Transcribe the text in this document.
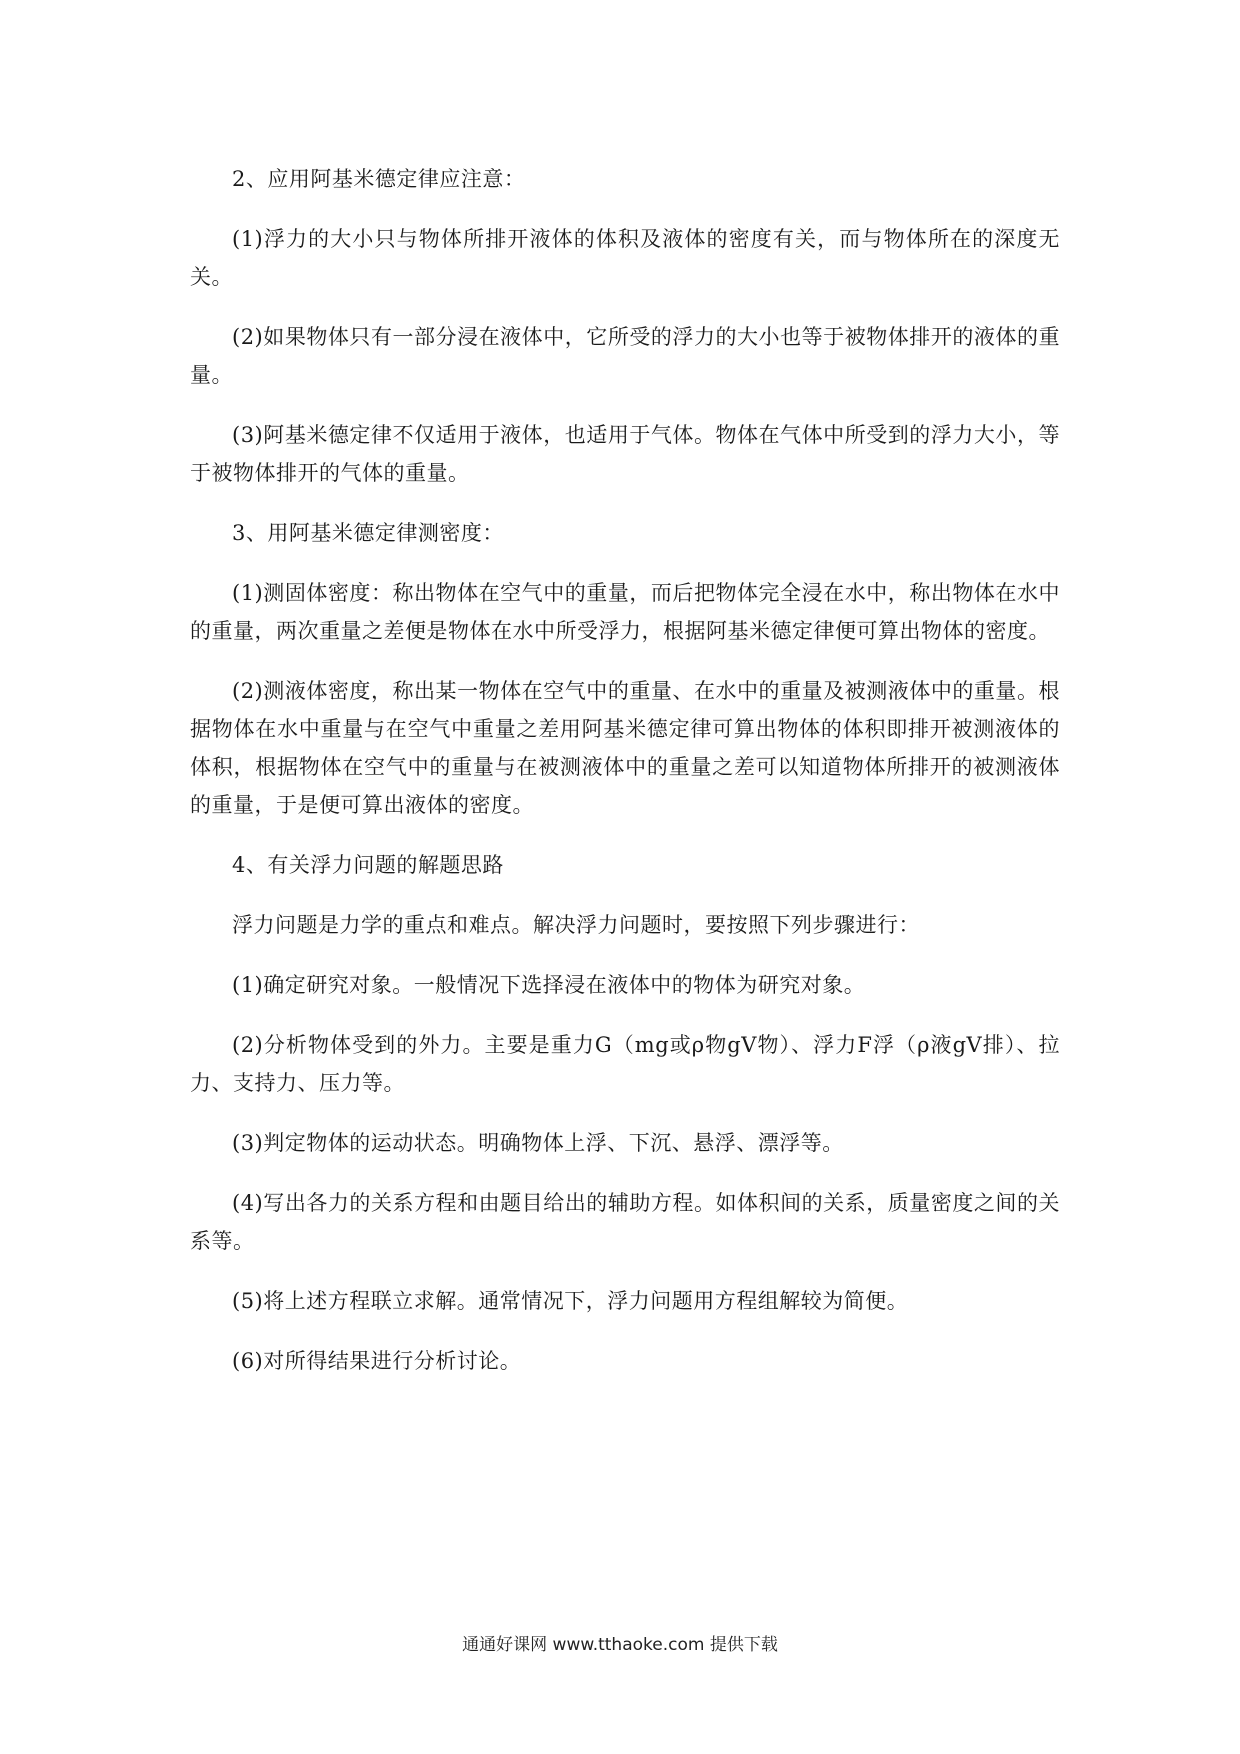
2、应用阿基米德定律应注意：

(1)浮力的大小只与物体所排开液体的体积及液体的密度有关，而与物体所在的深度无关。

(2)如果物体只有一部分浸在液体中，它所受的浮力的大小也等于被物体排开的液体的重量。

(3)阿基米德定律不仅适用于液体，也适用于气体。物体在气体中所受到的浮力大小，等于被物体排开的气体的重量。

3、用阿基米德定律测密度：

(1)测固体密度：称出物体在空气中的重量，而后把物体完全浸在水中，称出物体在水中的重量，两次重量之差便是物体在水中所受浮力，根据阿基米德定律便可算出物体的密度。

(2)测液体密度，称出某一物体在空气中的重量、在水中的重量及被测液体中的重量。根据物体在水中重量与在空气中重量之差用阿基米德定律可算出物体的体积即排开被测液体的体积，根据物体在空气中的重量与在被测液体中的重量之差可以知道物体所排开的被测液体的重量，于是便可算出液体的密度。

4、有关浮力问题的解题思路

浮力问题是力学的重点和难点。解决浮力问题时，要按照下列步骤进行：

(1)确定研究对象。一般情况下选择浸在液体中的物体为研究对象。

(2)分析物体受到的外力。主要是重力G（mg或ρ物gV物）、浮力F浮（ρ液gV排）、拉力、支持力、压力等。

(3)判定物体的运动状态。明确物体上浮、下沉、悬浮、漂浮等。

(4)写出各力的关系方程和由题目给出的辅助方程。如体积间的关系，质量密度之间的关系等。

(5)将上述方程联立求解。通常情况下，浮力问题用方程组解较为简便。

(6)对所得结果进行分析讨论。

通通好课网 www.tthaoke.com 提供下载
